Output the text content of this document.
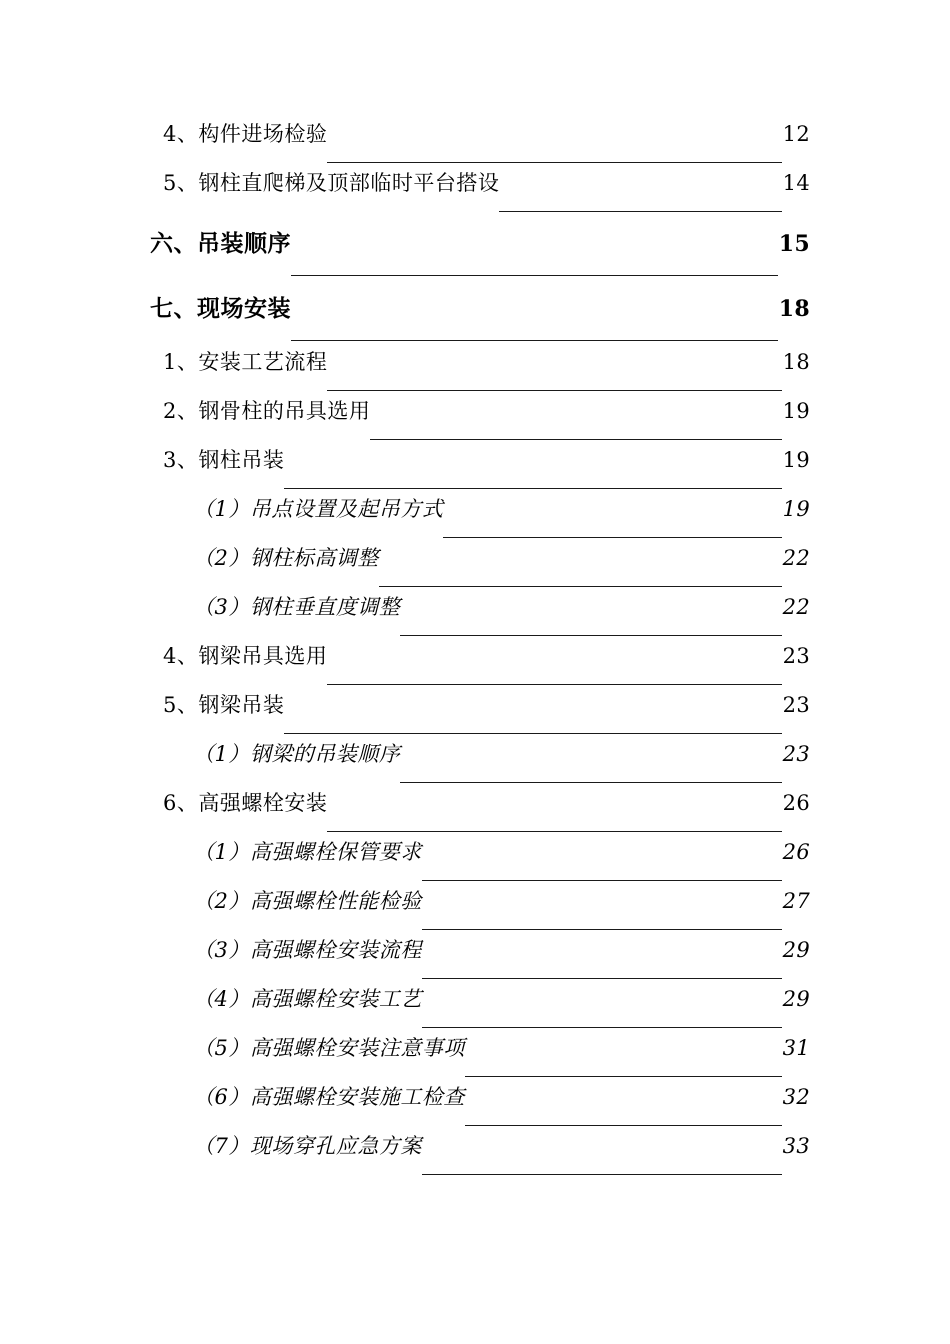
4、构件进场检验	12
5、钢柱直爬梯及顶部临时平台搭设	14
六、吊装顺序	15
七、现场安装	18
1、安装工艺流程	18
2、钢骨柱的吊具选用	19
3、钢柱吊装	19
（1）吊点设置及起吊方式	19
（2）钢柱标高调整	22
（3）钢柱垂直度调整	22
4、钢梁吊具选用	23
5、钢梁吊装	23
（1）钢梁的吊装顺序	23
6、高强螺栓安装	26
（1）高强螺栓保管要求	26
（2）高强螺栓性能检验	27
（3）高强螺栓安装流程	29
（4）高强螺栓安装工艺	29
（5）高强螺栓安装注意事项	31
（6）高强螺栓安装施工检查	32
（7）现场穿孔应急方案	33
